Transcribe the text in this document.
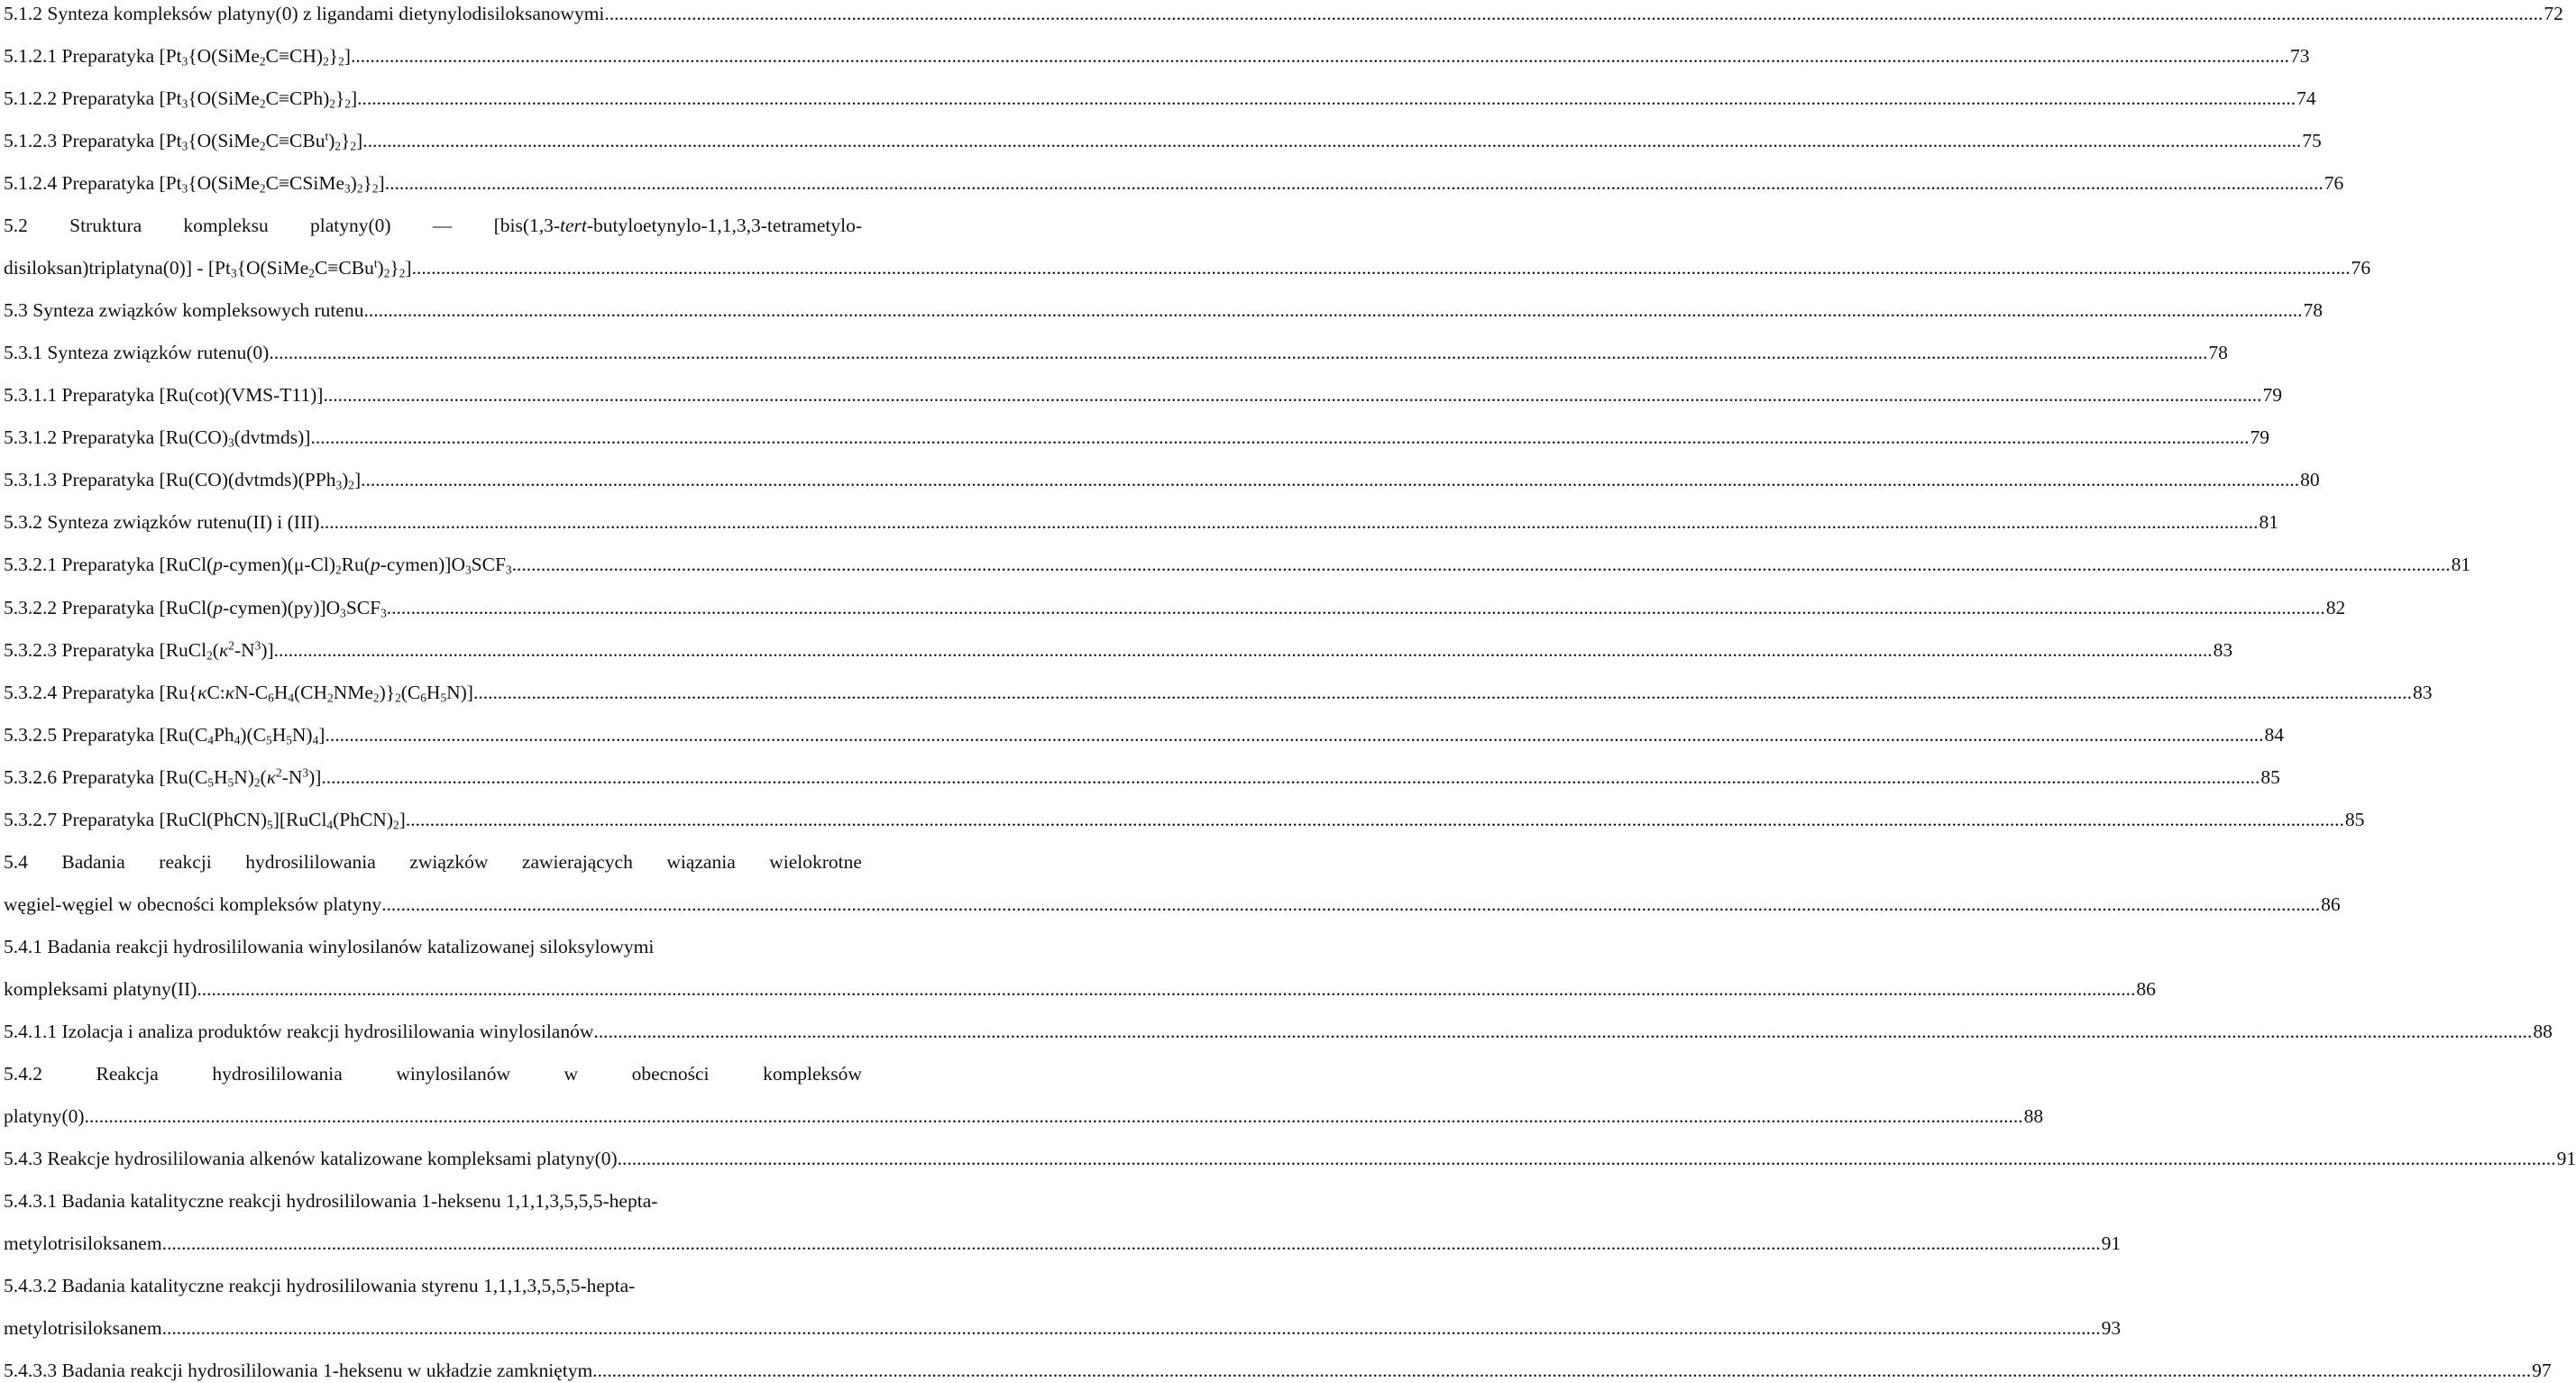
5.1.2 Synteza kompleksów platyny(0) z ligandami dietynylodisiloksanowymi ................................................................................................................................................................................................................................................................................................................................................................................................................ 72
5.1.2.1 Preparatyka $[Pt_3\{O(SiMe_2C\equiv CH)_2\}_2]$ ................................................................................................................................................................................................................................................................................................................................................................................................................ 73
5.1.2.2 Preparatyka $[Pt_3\{O(SiMe_2C\equiv CPh)_2\}_2]$ ................................................................................................................................................................................................................................................................................................................................................................................................................ 74
5.1.2.3 Preparatyka $[Pt_3\{O(SiMe_2C\equiv CBu^t)_2\}_2]$ ................................................................................................................................................................................................................................................................................................................................................................................................................ 75
5.1.2.4 Preparatyka $[Pt_3\{O(SiMe_2C\equiv CSiMe_3)_2\}_2]$ ................................................................................................................................................................................................................................................................................................................................................................................................................ 76
5.2 Struktura kompleksu platyny(0) — [bis(1,3-tert-butyloetynylo-1,1,3,3-tetrametylo-
disiloksan)triplatyna(0)] - $[Pt_3\{O(SiMe_2C\equiv CBu^t)_2\}_2]$ ................................................................................................................................................................................................................................................................................................................................................................................................................ 76
5.3 Synteza związków kompleksowych rutenu ................................................................................................................................................................................................................................................................................................................................................................................................................ 78
5.3.1 Synteza związków rutenu(0) ................................................................................................................................................................................................................................................................................................................................................................................................................ 78
5.3.1.1 Preparatyka [Ru(cot)(VMS-T11)] ................................................................................................................................................................................................................................................................................................................................................................................................................ 79
5.3.1.2 Preparatyka $[Ru(CO)_3(dvtmds)]$ ................................................................................................................................................................................................................................................................................................................................................................................................................ 79
5.3.1.3 Preparatyka $[Ru(CO)(dvtmds)(PPh_3)_2]$ ................................................................................................................................................................................................................................................................................................................................................................................................................ 80
5.3.2 Synteza związków rutenu(II) i (III) ................................................................................................................................................................................................................................................................................................................................................................................................................ 81
5.3.2.1 Preparatyka $[RuCl(p-cymen)(\mu-Cl)_2Ru(p-cymen)]O_3SCF_3$ ................................................................................................................................................................................................................................................................................................................................................................................................................ 81
5.3.2.2 Preparatyka $[RuCl(p-cymen)(py)]O_3SCF_3$ ................................................................................................................................................................................................................................................................................................................................................................................................................ 82
5.3.2.3 Preparatyka $[RuCl_2(\kappa^2-N^3)]$ ................................................................................................................................................................................................................................................................................................................................................................................................................ 83
5.3.2.4 Preparatyka $[Ru\{\kappa C:\kappa N-C_6H_4(CH_2NMe_2)\}_2(C_6H_5N)]$ ................................................................................................................................................................................................................................................................................................................................................................................................................ 83
5.3.2.5 Preparatyka $[Ru(C_4Ph_4)(C_5H_5N)_4]$ ................................................................................................................................................................................................................................................................................................................................................................................................................ 84
5.3.2.6 Preparatyka $[Ru(C_5H_5N)_2(\kappa^2-N^3)]$ ................................................................................................................................................................................................................................................................................................................................................................................................................ 85
5.3.2.7 Preparatyka $[RuCl(PhCN)_5][RuCl_4(PhCN)_2]$ ................................................................................................................................................................................................................................................................................................................................................................................................................ 85
5.4 Badania reakcji hydrosililowania związków zawierających wiązania wielokrotne
węgiel-węgiel w obecności kompleksów platyny ................................................................................................................................................................................................................................................................................................................................................................................................................ 86
5.4.1 Badania reakcji hydrosililowania winylosilanów katalizowanej siloksylowymi
kompleksami platyny(II) ................................................................................................................................................................................................................................................................................................................................................................................................................ 86
5.4.1.1 Izolacja i analiza produktów reakcji hydrosililowania winylosilanów ................................................................................................................................................................................................................................................................................................................................................................................................................ 88
5.4.2	Reakcja	hydrosililowania	winylosilanów	w	obecności	kompleksów
platyny(0) ................................................................................................................................................................................................................................................................................................................................................................................................................ 88
5.4.3 Reakcje hydrosililowania alkenów katalizowane kompleksami platyny(0) ................................................................................................................................................................................................................................................................................................................................................................................................................ 91
5.4.3.1 Badania katalityczne reakcji hydrosililowania 1-heksenu 1,1,1,3,5,5,5-hepta-
metylotrisiloksanem ................................................................................................................................................................................................................................................................................................................................................................................................................ 91
5.4.3.2 Badania katalityczne reakcji hydrosililowania styrenu 1,1,1,3,5,5,5-hepta-
metylotrisiloksanem ................................................................................................................................................................................................................................................................................................................................................................................................................ 93
5.4.3.3 Badania reakcji hydrosililowania 1-heksenu w układzie zamkniętym ................................................................................................................................................................................................................................................................................................................................................................................................................ 97
